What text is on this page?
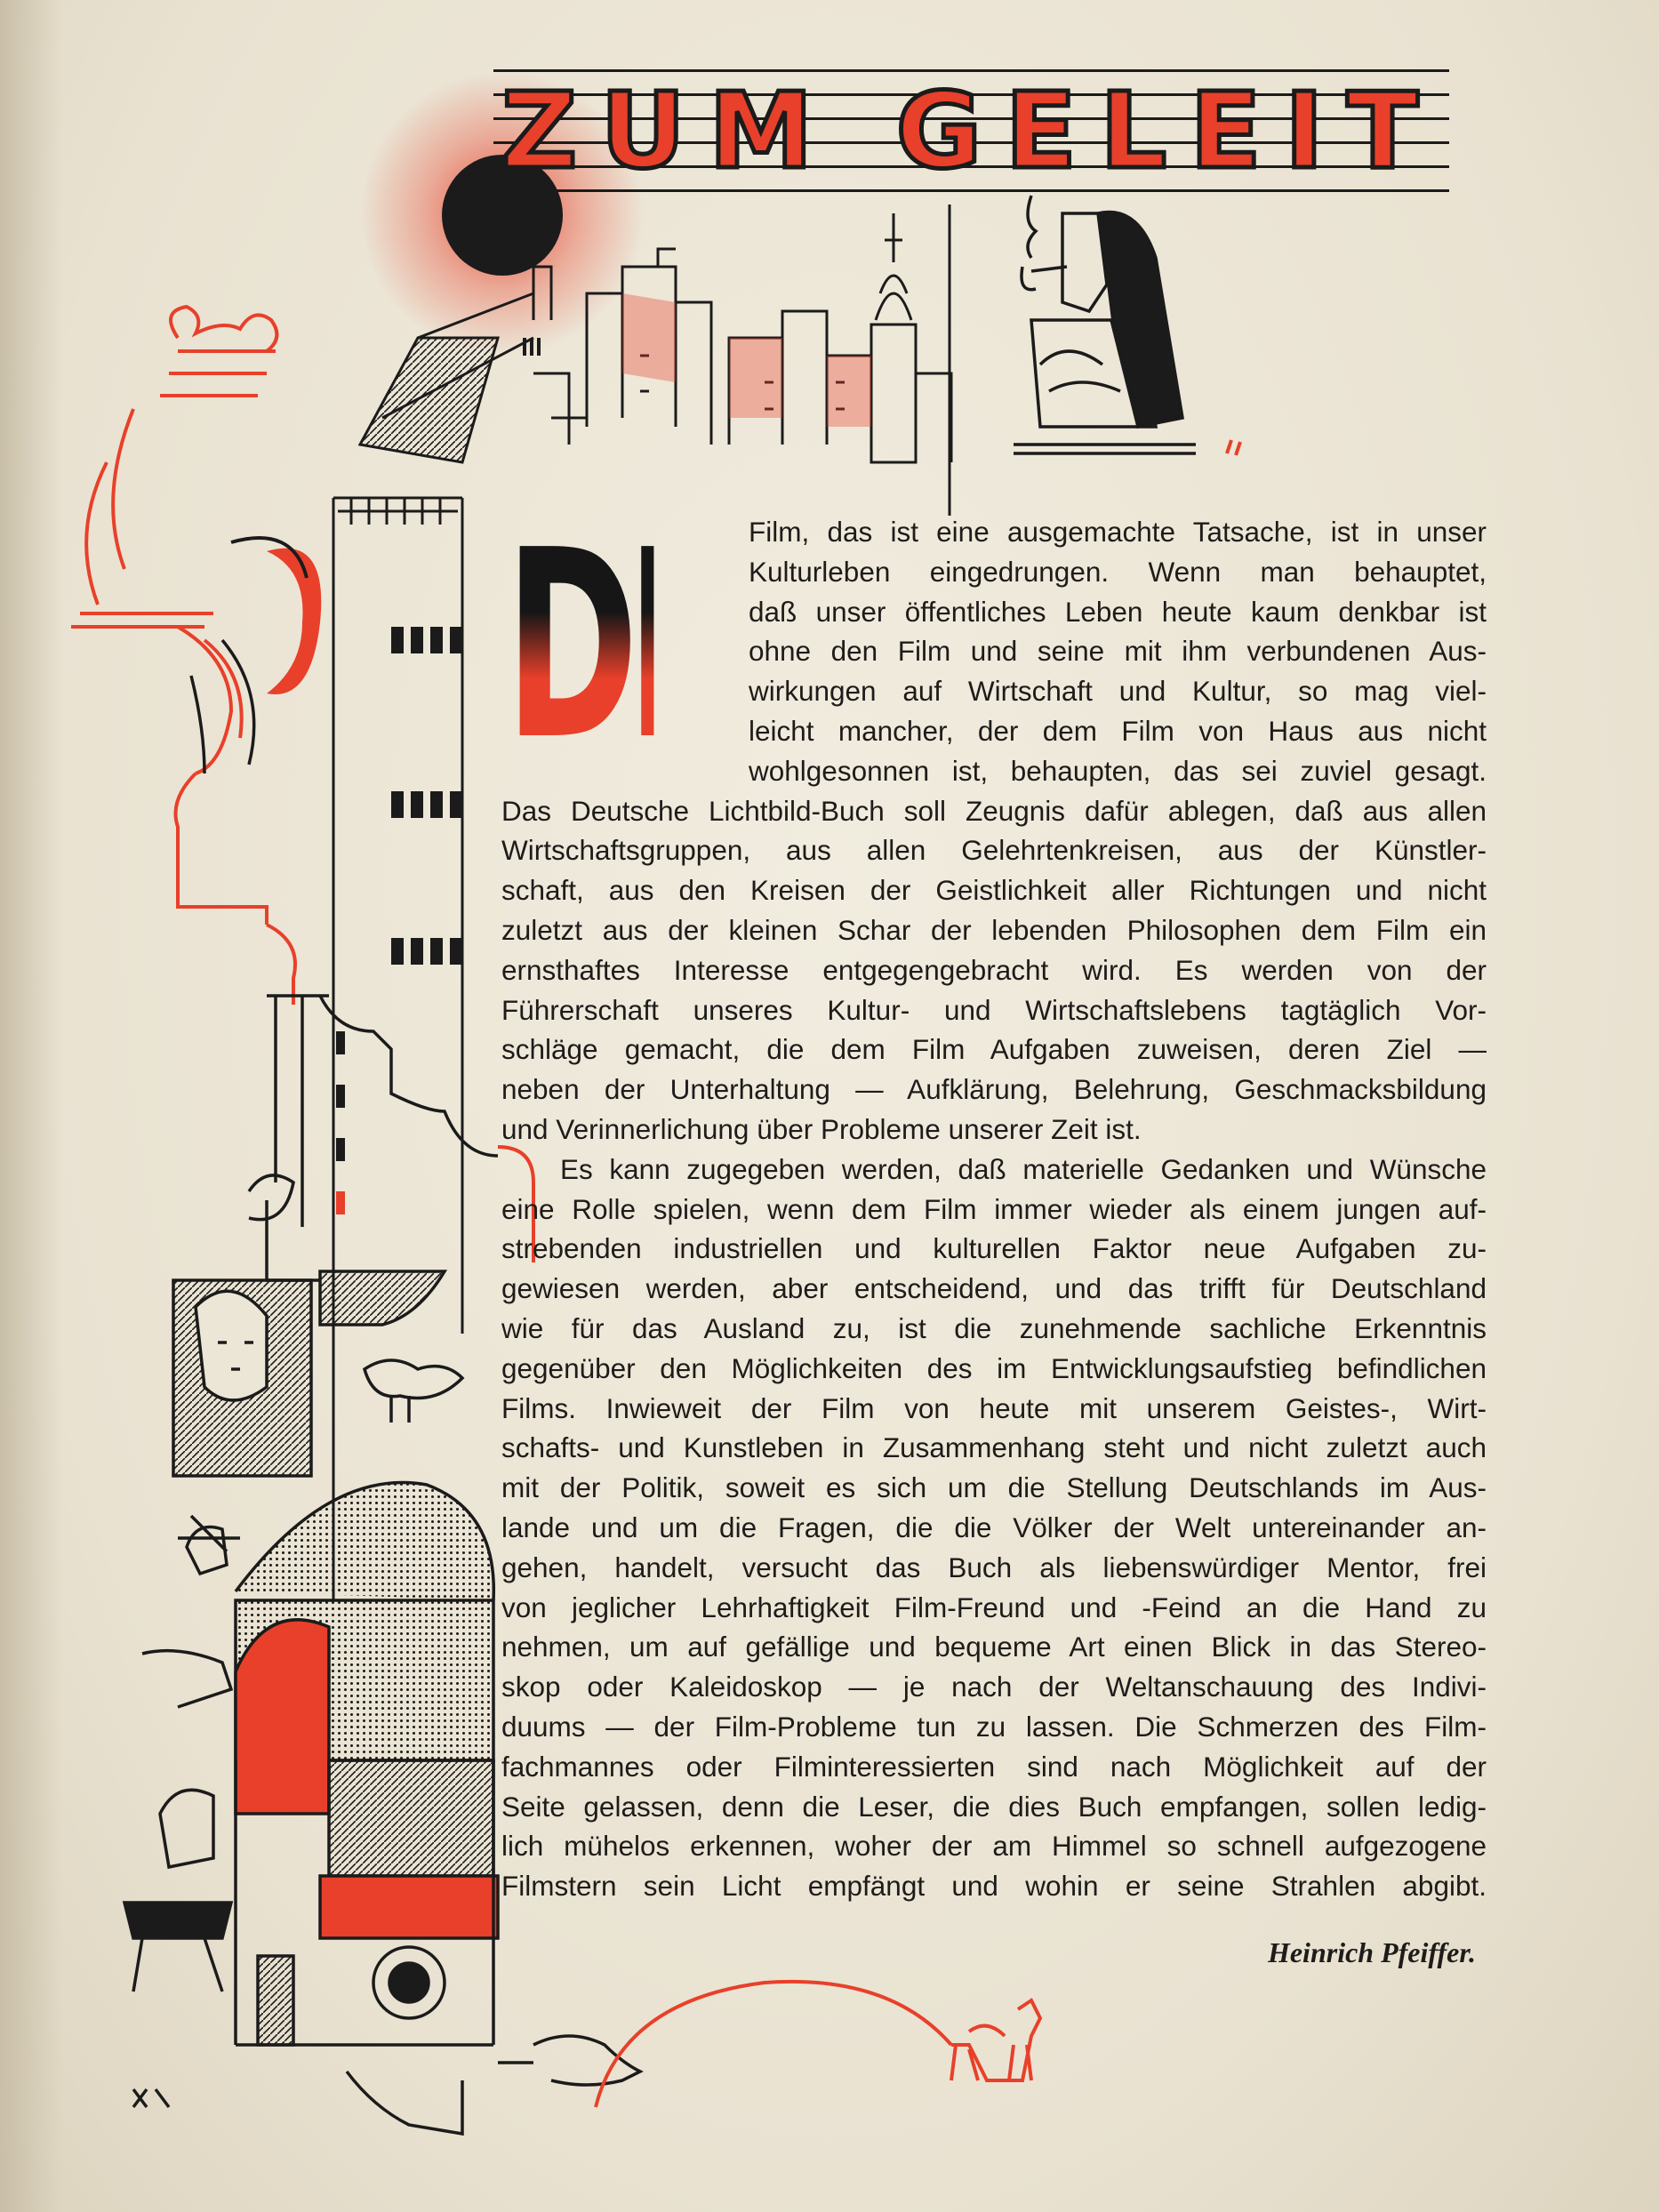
ZUM GELEIT
DER
Film, das ist eine ausgemachte Tatsache, ist in unser
Kulturleben eingedrungen. Wenn man behauptet,
daß unser öffentliches Leben heute kaum denkbar ist
ohne den Film und seine mit ihm verbundenen Aus-
wirkungen auf Wirtschaft und Kultur, so mag viel-
leicht mancher, der dem Film von Haus aus nicht
wohlgesonnen ist, behaupten, das sei zuviel gesagt.
Das Deutsche Lichtbild-Buch soll Zeugnis dafür ablegen, daß aus allen
Wirtschaftsgruppen, aus allen Gelehrtenkreisen, aus der Künstler-
schaft, aus den Kreisen der Geistlichkeit aller Richtungen und nicht
zuletzt aus der kleinen Schar der lebenden Philosophen dem Film ein
ernsthaftes Interesse entgegengebracht wird. Es werden von der
Führerschaft unseres Kultur- und Wirtschaftslebens tagtäglich Vor-
schläge gemacht, die dem Film Aufgaben zuweisen, deren Ziel —
neben der Unterhaltung — Aufklärung, Belehrung, Geschmacksbildung
und Verinnerlichung über Probleme unserer Zeit ist.
Es kann zugegeben werden, daß materielle Gedanken und Wünsche
eine Rolle spielen, wenn dem Film immer wieder als einem jungen auf-
strebenden industriellen und kulturellen Faktor neue Aufgaben zu-
gewiesen werden, aber entscheidend, und das trifft für Deutschland
wie für das Ausland zu, ist die zunehmende sachliche Erkenntnis
gegenüber den Möglichkeiten des im Entwicklungsaufstieg befindlichen
Films. Inwieweit der Film von heute mit unserem Geistes-, Wirt-
schafts- und Kunstleben in Zusammenhang steht und nicht zuletzt auch
mit der Politik, soweit es sich um die Stellung Deutschlands im Aus-
lande und um die Fragen, die die Völker der Welt untereinander an-
gehen, handelt, versucht das Buch als liebenswürdiger Mentor, frei
von jeglicher Lehrhaftigkeit Film-Freund und -Feind an die Hand zu
nehmen, um auf gefällige und bequeme Art einen Blick in das Stereo-
skop oder Kaleidoskop — je nach der Weltanschauung des Indivi-
duums — der Film-Probleme tun zu lassen. Die Schmerzen des Film-
fachmannes oder Filminteressierten sind nach Möglichkeit auf der
Seite gelassen, denn die Leser, die dies Buch empfangen, sollen ledig-
lich mühelos erkennen, woher der am Himmel so schnell aufgezogene
Filmstern sein Licht empfängt und wohin er seine Strahlen abgibt.
Heinrich Pfeiffer.
